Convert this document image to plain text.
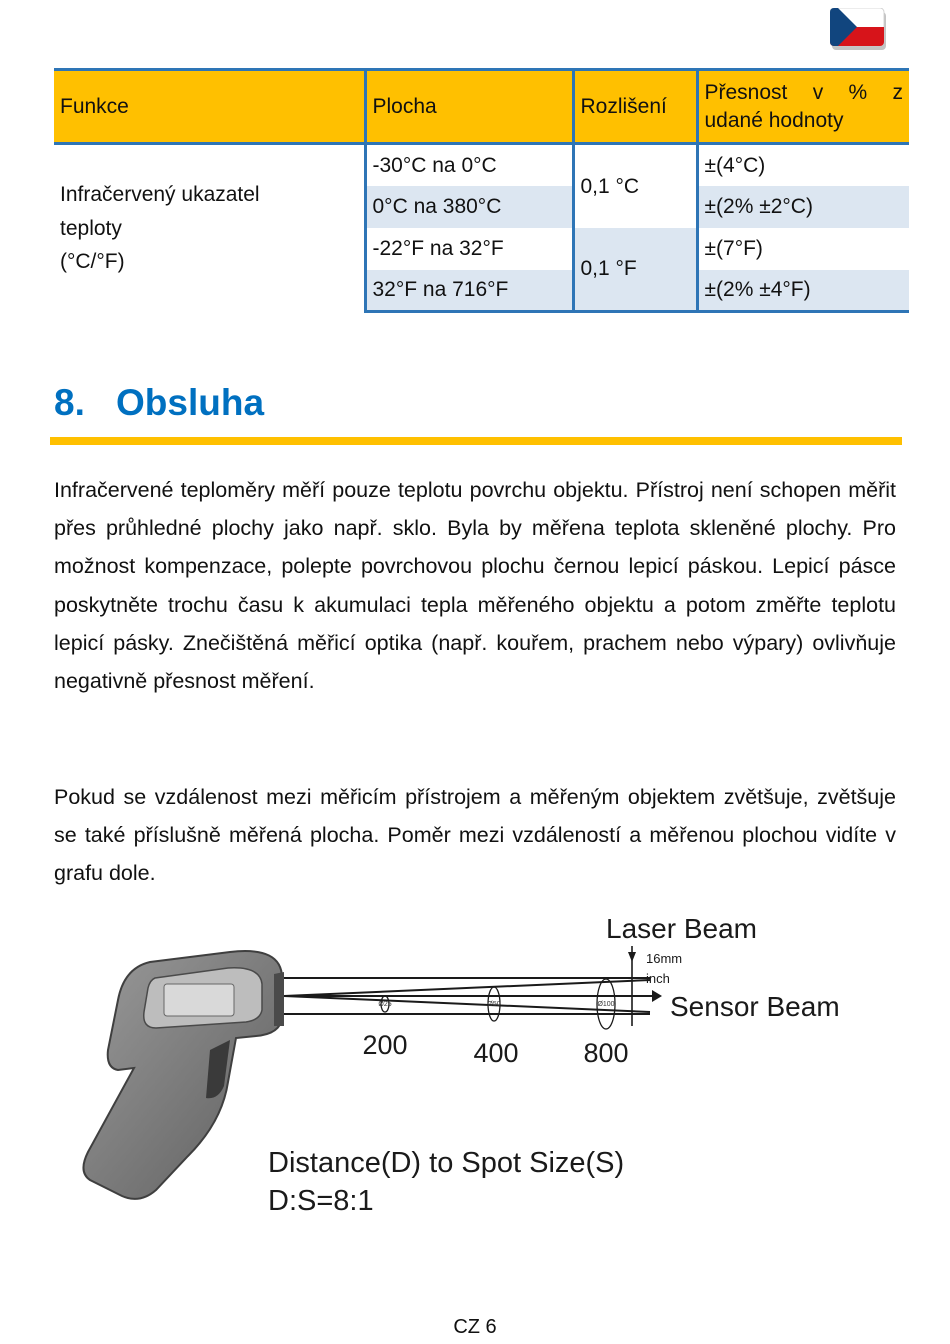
Funkce	Plocha	Rozlišení	Přesnost v % z
udané hodnoty

Infračervený ukazatel
teploty
(°C/°F)	-30°C na 0°C	0,1 °C	±(4°C)
	0°C na 380°C		±(2% ±2°C)
	-22°F na 32°F	0,1 °F	±(7°F)
	32°F na 716°F		±(2% ±4°F)
8. Obsluha

Infračervené teploměry měří pouze teplotu povrchu objektu. Přístroj není schopen měřit přes průhledné plochy jako např. sklo. Byla by měřena teplota skleněné plochy. Pro možnost kompenzace, polepte povrchovou plochu černou lepicí páskou. Lepicí pásce poskytněte trochu času k akumulaci tepla měřeného objektu a potom změřte teplotu lepicí pásky. Znečištěná měřicí optika (např. kouřem, prachem nebo výpary) ovlivňuje negativně přesnost měření.

Pokud se vzdálenost mezi měřicím přístrojem a měřeným objektem zvětšuje, zvětšuje se také příslušně měřená plocha. Poměr mezi vzdáleností a měřenou plochou vidíte v grafu dole.

Ø25	Ø50	Ø100
Laser Beam
16mm
inch
Sensor Beam
200 400 800
Distance(D) to Spot Size(S)
D:S=8:1
CZ 6
